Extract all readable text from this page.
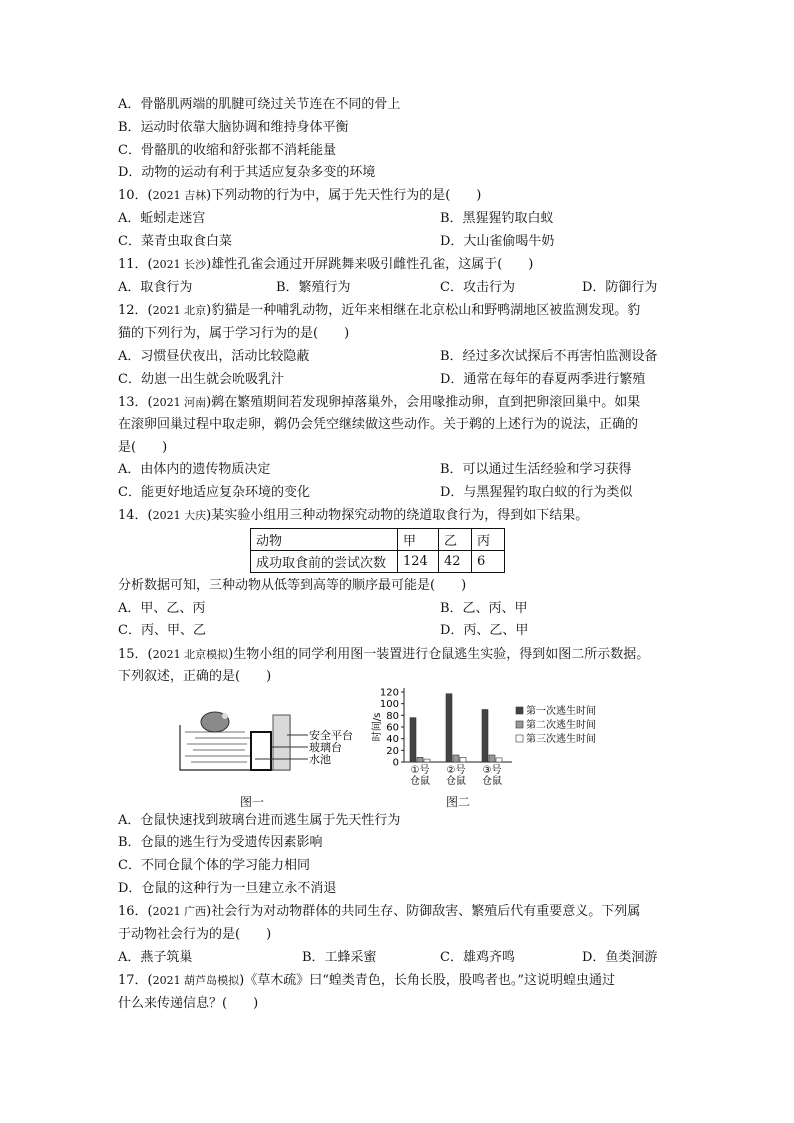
A．骨骼肌两端的肌腱可绕过关节连在不同的骨上
B．运动时依靠大脑协调和维持身体平衡
C．骨骼肌的收缩和舒张都不消耗能量
D．动物的运动有利于其适应复杂多变的环境
10．(2021 吉林)下列动物的行为中，属于先天性行为的是(　　)
A．蚯蚓走迷宫	B．黑猩猩钓取白蚁
C．菜青虫取食白菜	D．大山雀偷喝牛奶
11．(2021 长沙)雄性孔雀会通过开屏跳舞来吸引雌性孔雀，这属于(　　)
A．取食行为	B．繁殖行为	C．攻击行为	D．防御行为
12．(2021 北京)豹猫是一种哺乳动物，近年来相继在北京松山和野鸭湖地区被监测发现。豹
猫的下列行为，属于学习行为的是(　　)
A．习惯昼伏夜出，活动比较隐蔽	B．经过多次试探后不再害怕监测设备
C．幼崽一出生就会吮吸乳汁	D．通常在每年的春夏两季进行繁殖
13．(2021 河南)鹈在繁殖期间若发现卵掉落巢外，会用喙推动卵，直到把卵滚回巢中。如果
在滚卵回巢过程中取走卵，鹈仍会凭空继续做这些动作。关于鹈的上述行为的说法，正确的
是(　　)
A．由体内的遗传物质决定	B．可以通过生活经验和学习获得
C．能更好地适应复杂环境的变化	D．与黑猩猩钓取白蚁的行为类似
14．(2021 大庆)某实验小组用三种动物探究动物的绕道取食行为，得到如下结果。
动物	甲	乙	丙
成功取食前的尝试次数	124	42	6
分析数据可知，三种动物从低等到高等的顺序最可能是(　　)
A．甲、乙、丙	B．乙、丙、甲
C．丙、甲、乙	D．丙、乙、甲
15．(2021 北京模拟)生物小组的同学利用图一装置进行仓鼠逃生实验，得到如图二所示数据。
下列叙述，正确的是(　　)
安全平台
玻璃台
水池
图一
0
20
40
60
80
100
120
时间/s
①号
仓鼠
②号
仓鼠
③号
仓鼠
第一次逃生时间
第二次逃生时间
第三次逃生时间
图二
A．仓鼠快速找到玻璃台进而逃生属于先天性行为
B．仓鼠的逃生行为受遗传因素影响
C．不同仓鼠个体的学习能力相同
D．仓鼠的这种行为一旦建立永不消退
16．(2021 广西)社会行为对动物群体的共同生存、防御敌害、繁殖后代有重要意义。下列属
于动物社会行为的是(　　)
A．燕子筑巢	B．工蜂采蜜	C．雄鸡齐鸣	D．鱼类洄游
17．(2021 葫芦岛模拟)《草木疏》曰“蝗类青色，长角长股，股鸣者也。”这说明蝗虫通过
什么来传递信息？(　　)
